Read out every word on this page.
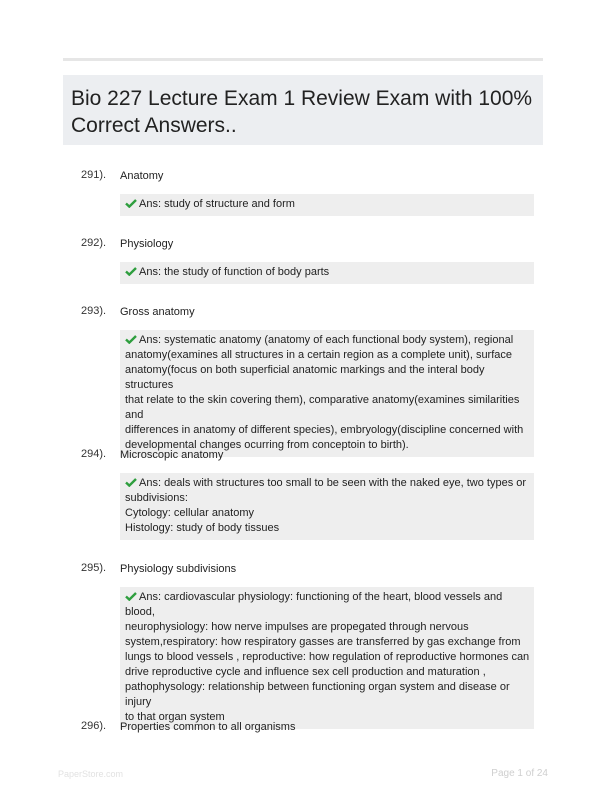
Bio 227 Lecture Exam 1 Review Exam with 100% Correct Answers..
291). Anatomy
Ans: study of structure and form
292). Physiology
Ans: the study of function of body parts
293). Gross anatomy
Ans: systematic anatomy (anatomy of each functional body system), regional
anatomy(examines all structures in a certain region as a complete unit), surface
anatomy(focus on both superficial anatomic markings and the interal body structures
that relate to the skin covering them), comparative anatomy(examines similarities and
differences in anatomy of different species), embryology(discipline concerned with
developmental changes ocurring from conceptoin to birth).
294). Microscopic anatomy
Ans: deals with structures too small to be seen with the naked eye, two types or
subdivisions:
Cytology: cellular anatomy
Histology: study of body tissues
295). Physiology subdivisions
Ans: cardiovascular physiology: functioning of the heart, blood vessels and blood,
neurophysiology: how nerve impulses are propegated through nervous
system,respiratory: how respiratory gasses are transferred by gas exchange from
lungs to blood vessels , reproductive: how regulation of reproductive hormones can
drive reproductive cycle and influence sex cell production and maturation ,
pathophysology: relationship between functioning organ system and disease or injury
to that organ system
296). Properties common to all organisms
PaperStore.com	Page 1 of 24
